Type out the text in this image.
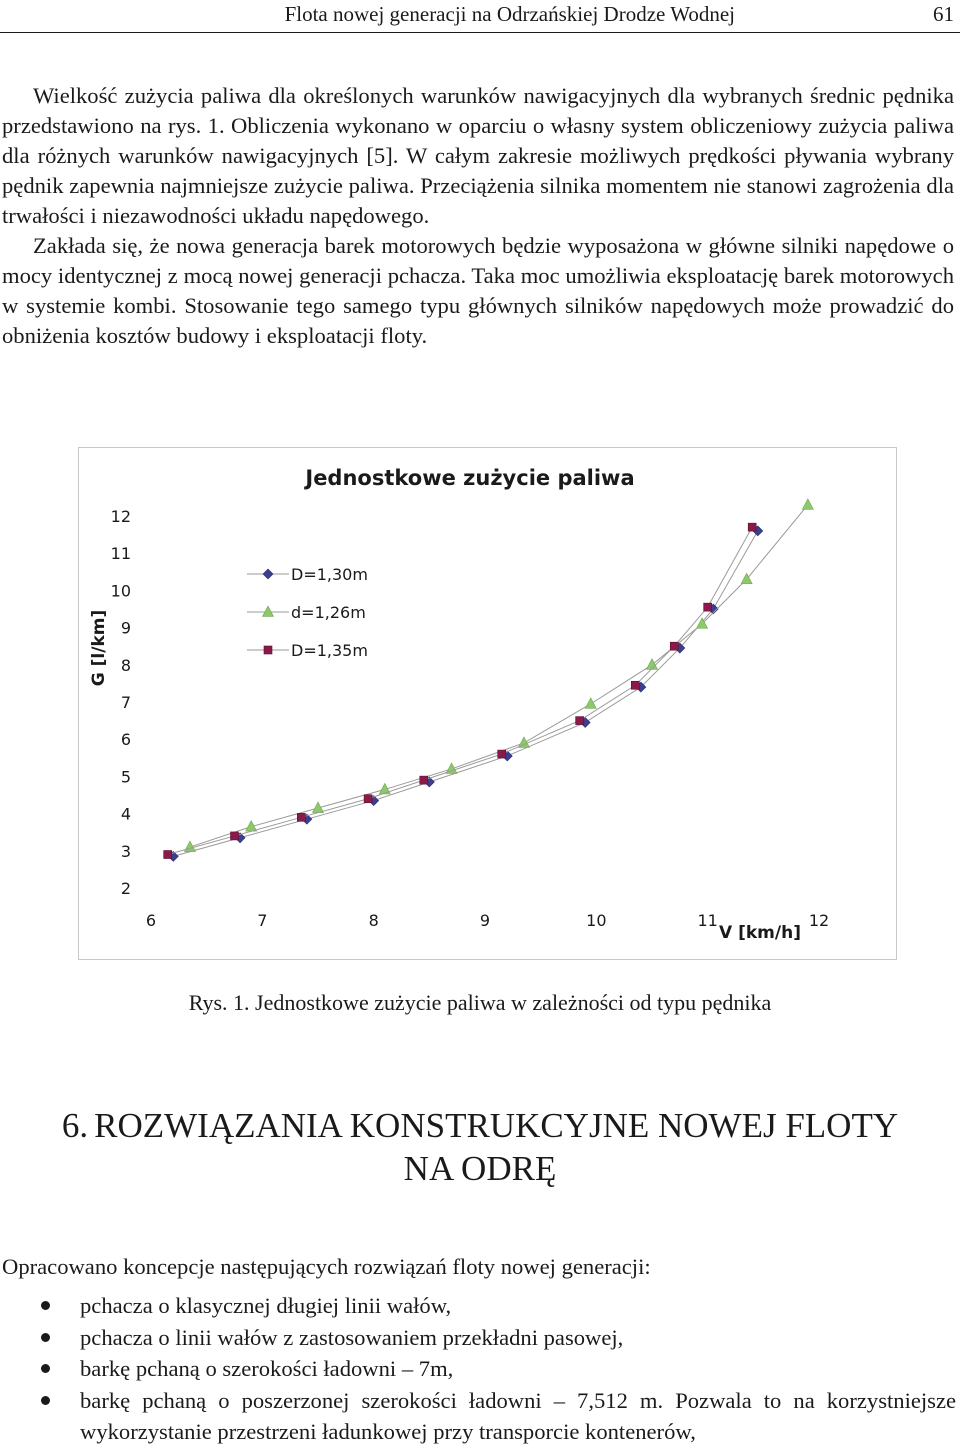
Flota nowej generacji na Odrzańskiej Drodze Wodnej	61

Wielkość zużycia paliwa dla określonych warunków nawigacyjnych dla wybranych średnic pędnika przedstawiono na rys. 1. Obliczenia wykonano w oparciu o własny system obliczeniowy zużycia paliwa dla różnych warunków nawigacyjnych [5]. W całym zakresie możliwych prędkości pływania wybrany pędnik zapewnia najmniejsze zużycie paliwa. Przeciążenia silnika momentem nie stanowi zagrożenia dla trwałości i niezawodności układu napędowego.

Zakłada się, że nowa generacja barek motorowych będzie wyposażona w główne silniki napędowe o mocy identycznej z mocą nowej generacji pchacza. Taka moc umożliwia eksploatację barek motorowych w systemie kombi. Stosowanie tego samego typu głównych silników napędowych może prowadzić do obniżenia kosztów budowy i eksploatacji floty.

Jednostkowe zużycie paliwa
G [l/km]
V [km/h]
12
11
10
9
8
7
6
5
4
3
2
6	7	8	9	10	11	12
D=1,30m
d=1,26m
D=1,35m
Rys. 1. Jednostkowe zużycie paliwa w zależności od typu pędnika
6. ROZWIĄZANIA KONSTRUKCYJNE NOWEJ FLOTY
NA ODRĘ
Opracowano koncepcje następujących rozwiązań floty nowej generacji:
pchacza o klasycznej długiej linii wałów,
pchacza o linii wałów z zastosowaniem przekładni pasowej,
barkę pchaną o szerokości ładowni – 7m,
barkę pchaną o poszerzonej szerokości ładowni – 7,512 m. Pozwala to na korzystniejsze wykorzystanie przestrzeni ładunkowej przy transporcie kontenerów,
